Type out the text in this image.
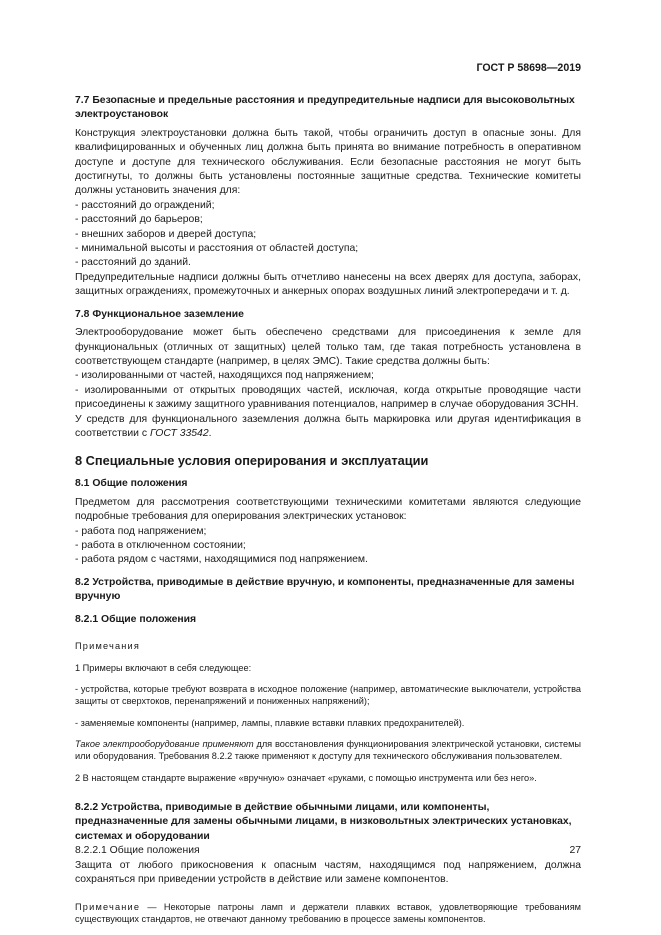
ГОСТ Р 58698—2019

7.7 Безопасные и предельные расстояния и предупредительные надписи для высоковольтных электроустановок

Конструкция электроустановки должна быть такой, чтобы ограничить доступ в опасные зоны. Для квалифицированных и обученных лиц должна быть принята во внимание потребность в оперативном доступе и доступе для технического обслуживания. Если безопасные расстояния не могут быть достигнуты, то должны быть установлены постоянные защитные средства. Технические комитеты должны установить значения для:

- расстояний до ограждений;

- расстояний до барьеров;

- внешних заборов и дверей доступа;

- минимальной высоты и расстояния от областей доступа;

- расстояний до зданий.

Предупредительные надписи должны быть отчетливо нанесены на всех дверях для доступа, заборах, защитных ограждениях, промежуточных и анкерных опорах воздушных линий электропередачи и т. д.

7.8 Функциональное заземление

Электрооборудование может быть обеспечено средствами для присоединения к земле для функциональных (отличных от защитных) целей только там, где такая потребность установлена в соответствующем стандарте (например, в целях ЭМС). Такие средства должны быть:

- изолированными от частей, находящихся под напряжением;

- изолированными от открытых проводящих частей, исключая, когда открытые проводящие части присоединены к зажиму защитного уравнивания потенциалов, например в случае оборудования ЗСНН.

У средств для функционального заземления должна быть маркировка или другая идентификация в соответствии с ГОСТ 33542.

8 Специальные условия оперирования и эксплуатации

8.1 Общие положения

Предметом для рассмотрения соответствующими техническими комитетами являются следующие подробные требования для оперирования электрических установок:

- работа под напряжением;

- работа в отключенном состоянии;

- работа рядом с частями, находящимися под напряжением.

8.2 Устройства, приводимые в действие вручную, и компоненты, предназначенные для замены вручную

8.2.1 Общие положения

Примечания

1 Примеры включают в себя следующее:

- устройства, которые требуют возврата в исходное положение (например, автоматические выключатели, устройства защиты от сверхтоков, перенапряжений и пониженных напряжений);

- заменяемые компоненты (например, лампы, плавкие вставки плавких предохранителей).

Такое электрооборудование применяют для восстановления функционирования электрической установки, системы или оборудования. Требования 8.2.2 также применяют к доступу для технического обслуживания пользователем.

2 В настоящем стандарте выражение «вручную» означает «руками, с помощью инструмента или без него».

8.2.2 Устройства, приводимые в действие обычными лицами, или компоненты, предназначенные для замены обычными лицами, в низковольтных электрических установках, системах и оборудовании

8.2.2.1 Общие положения

Защита от любого прикосновения к опасным частям, находящимся под напряжением, должна сохраняться при приведении устройств в действие или замене компонентов.

Примечание — Некоторые патроны ламп и держатели плавких вставок, удовлетворяющие требованиям существующих стандартов, не отвечают данному требованию в процессе замены компонентов.

27
